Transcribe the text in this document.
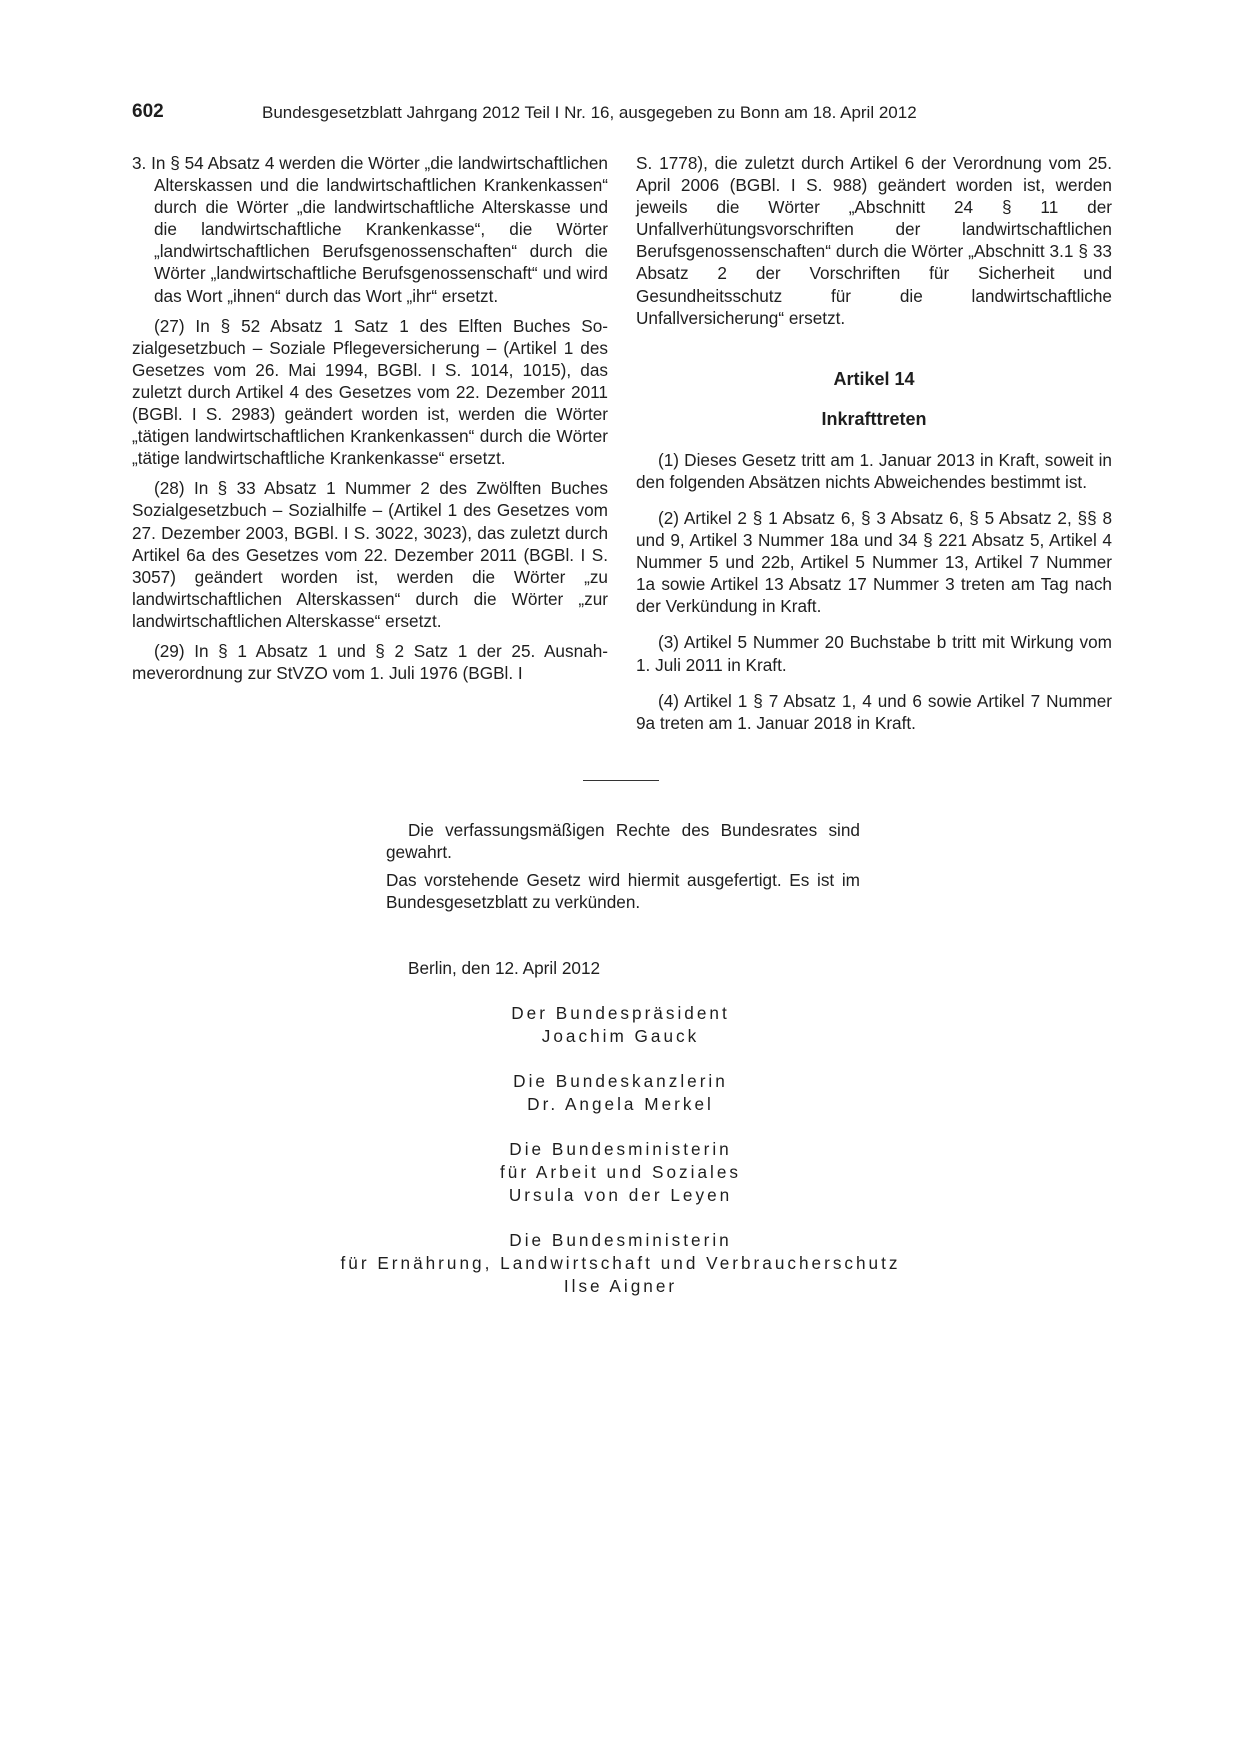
602	Bundesgesetzblatt Jahrgang 2012 Teil I Nr. 16, ausgegeben zu Bonn am 18. April 2012

3. In § 54 Absatz 4 werden die Wörter „die landwirtschaftlichen Alterskassen und die landwirtschaftlichen Krankenkassen“ durch die Wörter „die landwirtschaftliche Alterskasse und die landwirtschaftliche Krankenkasse“, die Wörter „landwirtschaftlichen Berufsgenossenschaften“ durch die Wörter „landwirtschaftliche Berufsgenossenschaft“ und wird das Wort „ihnen“ durch das Wort „ihr“ ersetzt.

(27) In § 52 Absatz 1 Satz 1 des Elften Buches Sozialgesetzbuch – Soziale Pflegeversicherung – (Artikel 1 des Gesetzes vom 26. Mai 1994, BGBl. I S. 1014, 1015), das zuletzt durch Artikel 4 des Gesetzes vom 22. Dezember 2011 (BGBl. I S. 2983) geändert worden ist, werden die Wörter „tätigen landwirtschaftlichen Krankenkassen“ durch die Wörter „tätige landwirtschaftliche Krankenkasse“ ersetzt.

(28) In § 33 Absatz 1 Nummer 2 des Zwölften Buches Sozialgesetzbuch – Sozialhilfe – (Artikel 1 des Gesetzes vom 27. Dezember 2003, BGBl. I S. 3022, 3023), das zuletzt durch Artikel 6a des Gesetzes vom 22. Dezember 2011 (BGBl. I S. 3057) geändert worden ist, werden die Wörter „zu landwirtschaftlichen Alterskassen“ durch die Wörter „zur landwirtschaftlichen Alterskasse“ ersetzt.

(29) In § 1 Absatz 1 und § 2 Satz 1 der 25. Ausnahmeverordnung zur StVZO vom 1. Juli 1976 (BGBl. I

S. 1778), die zuletzt durch Artikel 6 der Verordnung vom 25. April 2006 (BGBl. I S. 988) geändert worden ist, werden jeweils die Wörter „Abschnitt 24 § 11 der Unfallverhütungsvorschriften der landwirtschaftlichen Berufsgenossenschaften“ durch die Wörter „Abschnitt 3.1 § 33 Absatz 2 der Vorschriften für Sicherheit und Gesundheitsschutz für die landwirtschaftliche Unfallversicherung“ ersetzt.

Artikel 14
Inkrafttreten

(1) Dieses Gesetz tritt am 1. Januar 2013 in Kraft, soweit in den folgenden Absätzen nichts Abweichendes bestimmt ist.

(2) Artikel 2 § 1 Absatz 6, § 3 Absatz 6, § 5 Absatz 2, §§ 8 und 9, Artikel 3 Nummer 18a und 34 § 221 Absatz 5, Artikel 4 Nummer 5 und 22b, Artikel 5 Nummer 13, Artikel 7 Nummer 1a sowie Artikel 13 Absatz 17 Nummer 3 treten am Tag nach der Verkündung in Kraft.

(3) Artikel 5 Nummer 20 Buchstabe b tritt mit Wirkung vom 1. Juli 2011 in Kraft.

(4) Artikel 1 § 7 Absatz 1, 4 und 6 sowie Artikel 7 Nummer 9a treten am 1. Januar 2018 in Kraft.

Die verfassungsmäßigen Rechte des Bundesrates sind gewahrt.

Das vorstehende Gesetz wird hiermit ausgefertigt. Es ist im Bundesgesetzblatt zu verkünden.

Berlin, den 12. April 2012
Der Bundespräsident
Joachim Gauck
Die Bundeskanzlerin
Dr. Angela Merkel
Die Bundesministerin
für Arbeit und Soziales
Ursula von der Leyen
Die Bundesministerin
für Ernährung, Landwirtschaft und Verbraucherschutz
Ilse Aigner
